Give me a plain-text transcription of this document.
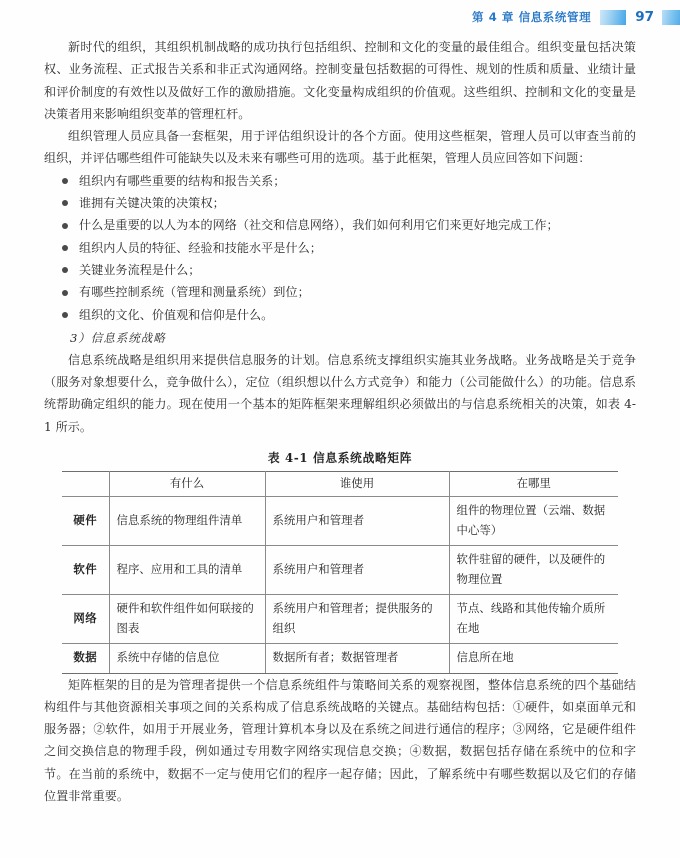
第 4 章 信息系统管理	97

新时代的组织，其组织机制战略的成功执行包括组织、控制和文化的变量的最佳组合。组织变量包括决策权、业务流程、正式报告关系和非正式沟通网络。控制变量包括数据的可得性、规划的性质和质量、业绩计量和评价制度的有效性以及做好工作的激励措施。文化变量构成组织的价值观。这些组织、控制和文化的变量是决策者用来影响组织变革的管理杠杆。

组织管理人员应具备一套框架，用于评估组织设计的各个方面。使用这些框架，管理人员可以审查当前的组织，并评估哪些组件可能缺失以及未来有哪些可用的选项。基于此框架，管理人员应回答如下问题：

组织内有哪些重要的结构和报告关系；
谁拥有关键决策的决策权；
什么是重要的以人为本的网络（社交和信息网络），我们如何利用它们来更好地完成工作；
组织内人员的特征、经验和技能水平是什么；
关键业务流程是什么；
有哪些控制系统（管理和测量系统）到位；
组织的文化、价值观和信仰是什么。

3）信息系统战略

信息系统战略是组织用来提供信息服务的计划。信息系统支撑组织实施其业务战略。业务战略是关于竞争（服务对象想要什么，竞争做什么），定位（组织想以什么方式竞争）和能力（公司能做什么）的功能。信息系统帮助确定组织的能力。现在使用一个基本的矩阵框架来理解组织必须做出的与信息系统相关的决策，如表 4-1 所示。

表 4-1 信息系统战略矩阵
	有什么	谁使用	在哪里
硬件	信息系统的物理组件清单	系统用户和管理者	组件的物理位置（云端、数据中心等）
软件	程序、应用和工具的清单	系统用户和管理者	软件驻留的硬件，以及硬件的物理位置
网络	硬件和软件组件如何联接的图表	系统用户和管理者；提供服务的组织	节点、线路和其他传输介质所在地
数据	系统中存储的信息位	数据所有者；数据管理者	信息所在地

矩阵框架的目的是为管理者提供一个信息系统组件与策略间关系的观察视图，整体信息系统的四个基础结构组件与其他资源相关事项之间的关系构成了信息系统战略的关键点。基础结构包括：①硬件，如桌面单元和服务器；②软件，如用于开展业务，管理计算机本身以及在系统之间进行通信的程序；③网络，它是硬件组件之间交换信息的物理手段，例如通过专用数字网络实现信息交换；④数据，数据包括存储在系统中的位和字节。在当前的系统中，数据不一定与使用它们的程序一起存储；因此，了解系统中有哪些数据以及它们的存储位置非常重要。
